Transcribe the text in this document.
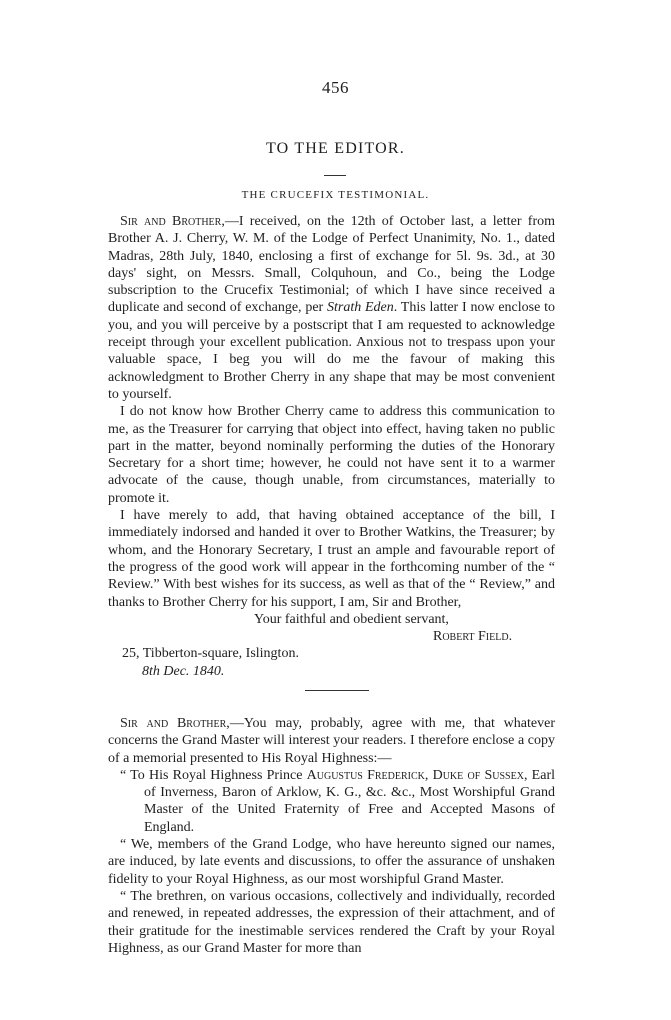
456
TO THE EDITOR.
THE CRUCEFIX TESTIMONIAL.

Sir and Brother,—I received, on the 12th of October last, a letter from Brother A. J. Cherry, W. M. of the Lodge of Perfect Unanimity, No. 1., dated Madras, 28th July, 1840, enclosing a first of exchange for 5l. 9s. 3d., at 30 days' sight, on Messrs. Small, Colquhoun, and Co., being the Lodge subscription to the Crucefix Testimonial; of which I have since received a duplicate and second of exchange, per Strath Eden. This latter I now enclose to you, and you will perceive by a postscript that I am requested to acknowledge receipt through your excellent publication. Anxious not to trespass upon your valuable space, I beg you will do me the favour of making this acknowledgment to Brother Cherry in any shape that may be most convenient to yourself.

I do not know how Brother Cherry came to address this communication to me, as the Treasurer for carrying that object into effect, having taken no public part in the matter, beyond nominally performing the duties of the Honorary Secretary for a short time; however, he could not have sent it to a warmer advocate of the cause, though unable, from circumstances, materially to promote it.

I have merely to add, that having obtained acceptance of the bill, I immediately indorsed and handed it over to Brother Watkins, the Treasurer; by whom, and the Honorary Secretary, I trust an ample and favourable report of the progress of the good work will appear in the forthcoming number of the “ Review.” With best wishes for its success, as well as that of the “ Review,” and thanks to Brother Cherry for his support, I am, Sir and Brother,

Your faithful and obedient servant,

Robert Field.

25, Tibberton-square, Islington.

8th Dec. 1840.

Sir and Brother,—You may, probably, agree with me, that whatever concerns the Grand Master will interest your readers. I therefore enclose a copy of a memorial presented to His Royal Highness:—

“ To His Royal Highness Prince Augustus Frederick, Duke of Sussex, Earl of Inverness, Baron of Arklow, K. G., &c. &c., Most Worshipful Grand Master of the United Fraternity of Free and Accepted Masons of England.

“ We, members of the Grand Lodge, who have hereunto signed our names, are induced, by late events and discussions, to offer the assurance of unshaken fidelity to your Royal Highness, as our most worshipful Grand Master.

“ The brethren, on various occasions, collectively and individually, recorded and renewed, in repeated addresses, the expression of their attachment, and of their gratitude for the inestimable services rendered the Craft by your Royal Highness, as our Grand Master for more than
